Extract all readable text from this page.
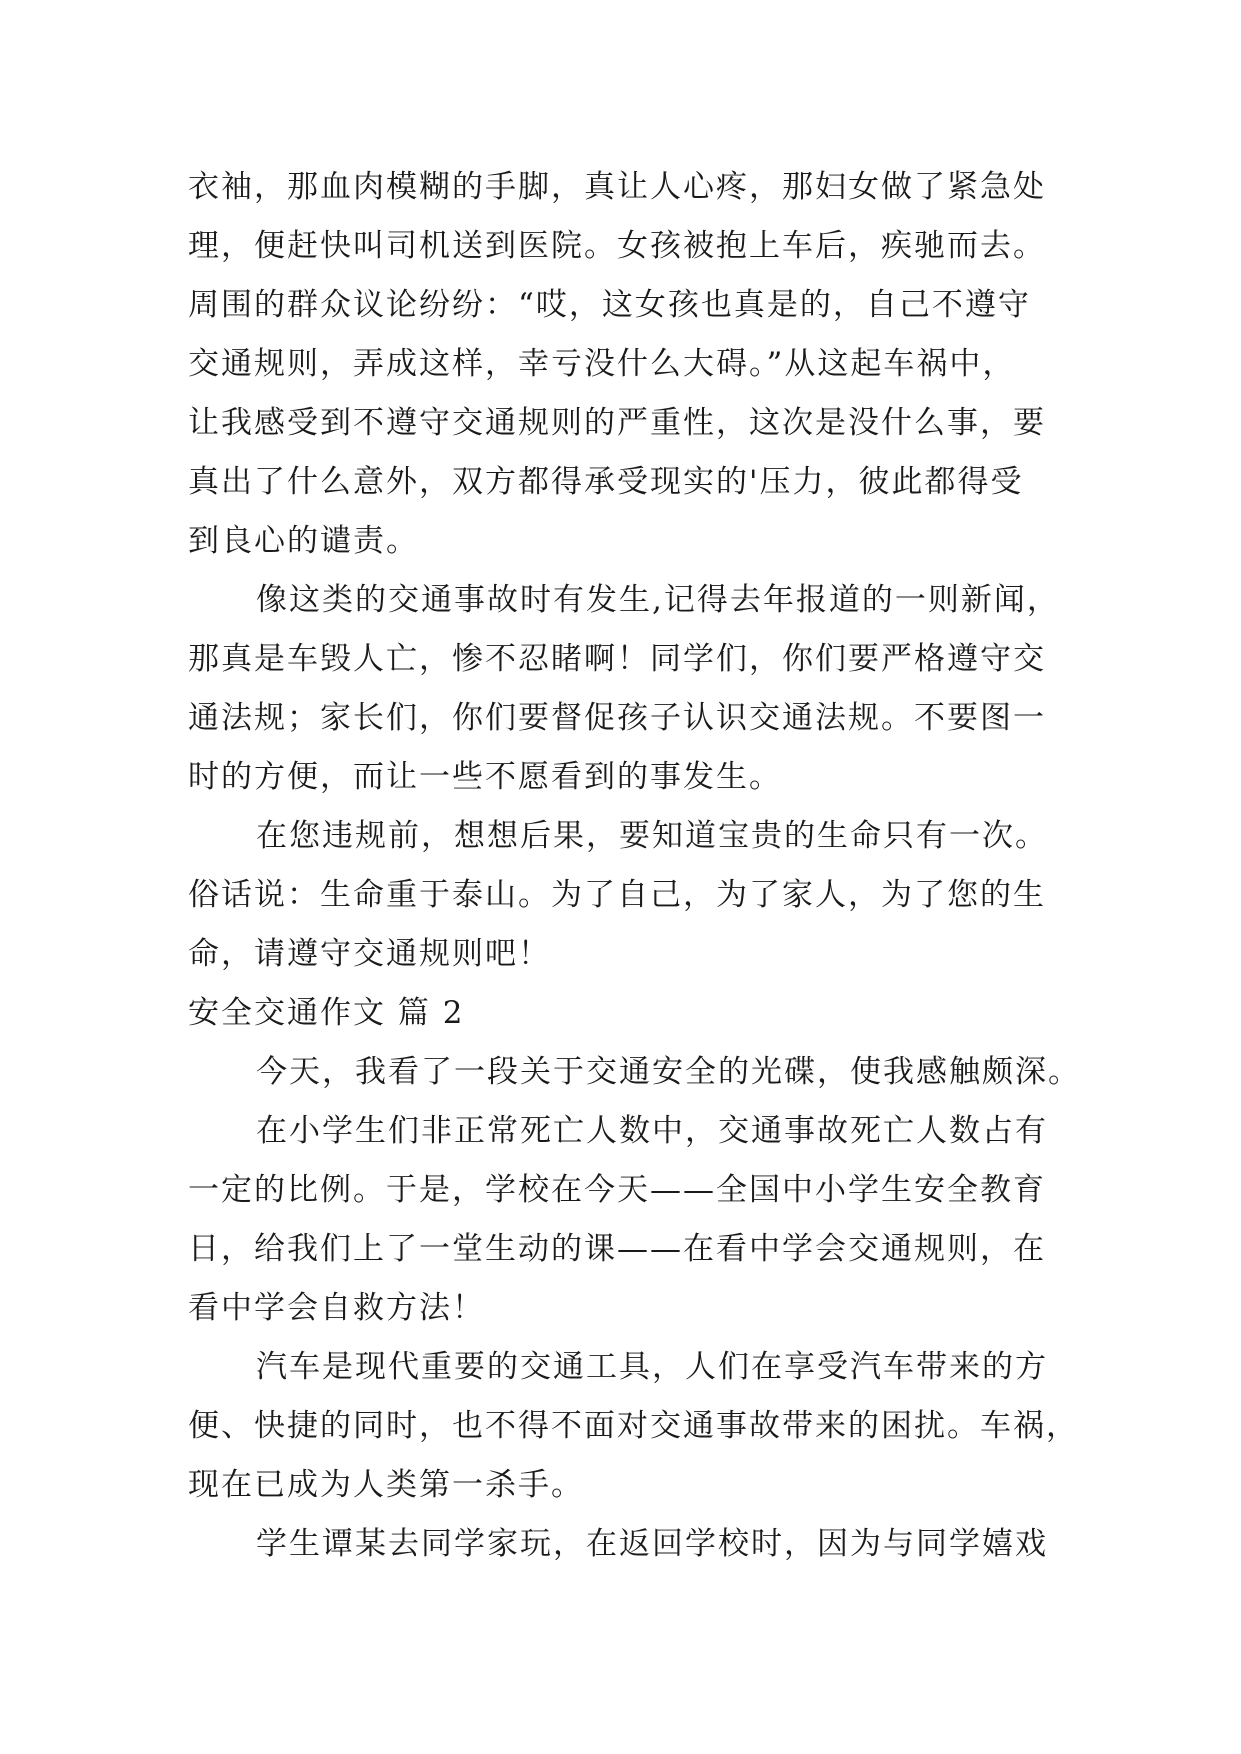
衣袖，那血肉模糊的手脚，真让人心疼，那妇女做了紧急处
理，便赶快叫司机送到医院。女孩被抱上车后，疾驰而去。
周围的群众议论纷纷：“哎，这女孩也真是的，自己不遵守
交通规则，弄成这样，幸亏没什么大碍。”从这起车祸中，
让我感受到不遵守交通规则的严重性，这次是没什么事，要
真出了什么意外，双方都得承受现实的'压力，彼此都得受
到良心的谴责。
像这类的交通事故时有发生,记得去年报道的一则新闻，
那真是车毁人亡，惨不忍睹啊！同学们，你们要严格遵守交
通法规；家长们，你们要督促孩子认识交通法规。不要图一
时的方便，而让一些不愿看到的事发生。
在您违规前，想想后果，要知道宝贵的生命只有一次。
俗话说：生命重于泰山。为了自己，为了家人，为了您的生
命，请遵守交通规则吧！
安全交通作文 篇 2
今天，我看了一段关于交通安全的光碟，使我感触颇深。
在小学生们非正常死亡人数中，交通事故死亡人数占有
一定的比例。于是，学校在今天——全国中小学生安全教育
日，给我们上了一堂生动的课——在看中学会交通规则，在
看中学会自救方法！
汽车是现代重要的交通工具，人们在享受汽车带来的方
便、快捷的同时，也不得不面对交通事故带来的困扰。车祸，
现在已成为人类第一杀手。
学生谭某去同学家玩，在返回学校时，因为与同学嬉戏
